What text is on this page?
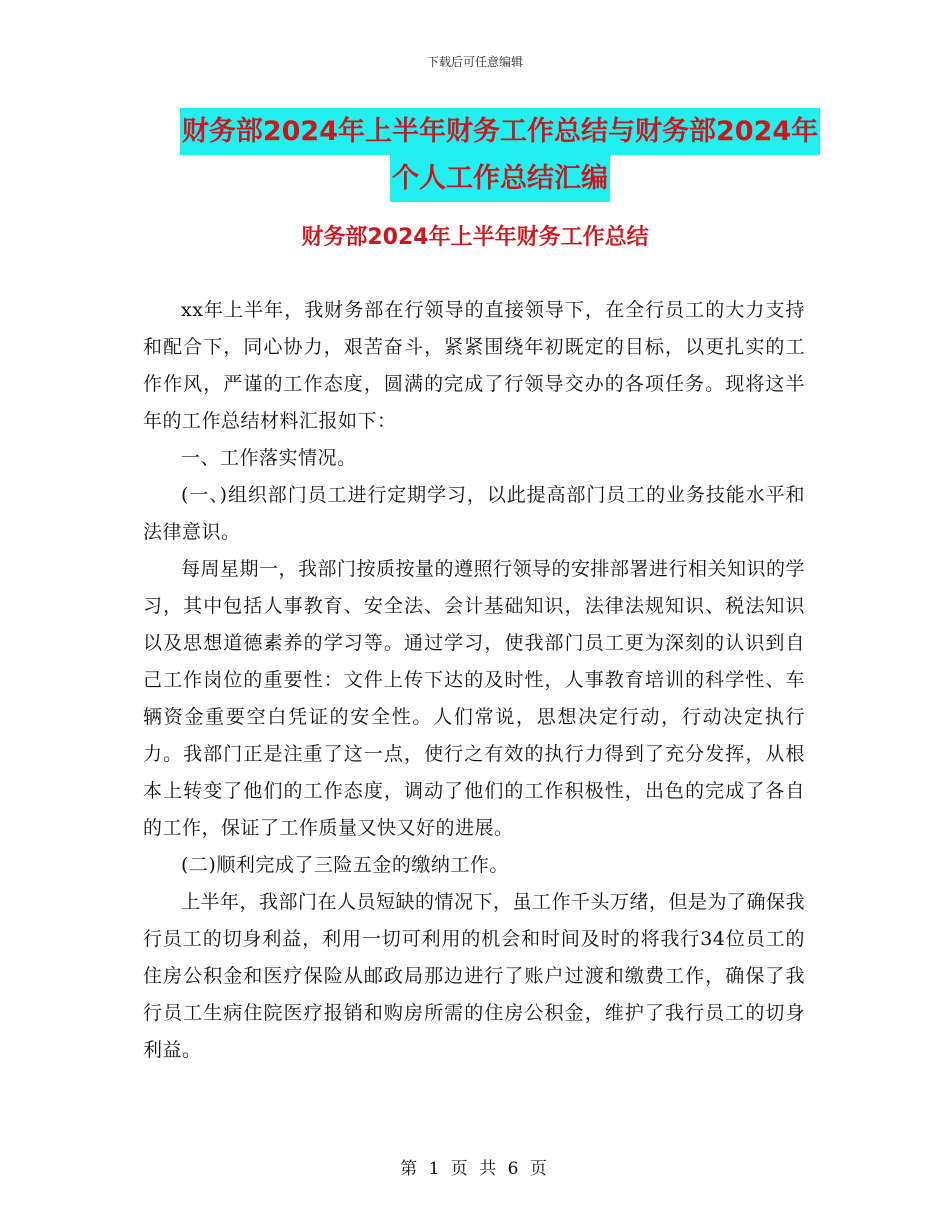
下载后可任意编辑
财务部2024年上半年财务工作总结与财务部2024年
个人工作总结汇编
财务部2024年上半年财务工作总结

xx年上半年，我财务部在行领导的直接领导下，在全行员工的大力支持和配合下，同心协力，艰苦奋斗，紧紧围绕年初既定的目标，以更扎实的工作作风，严谨的工作态度，圆满的完成了行领导交办的各项任务。现将这半年的工作总结材料汇报如下：

一、工作落实情况。

(一、)组织部门员工进行定期学习，以此提高部门员工的业务技能水平和法律意识。

每周星期一，我部门按质按量的遵照行领导的安排部署进行相关知识的学习，其中包括人事教育、安全法、会计基础知识，法律法规知识、税法知识以及思想道德素养的学习等。通过学习，使我部门员工更为深刻的认识到自己工作岗位的重要性：文件上传下达的及时性，人事教育培训的科学性、车辆资金重要空白凭证的安全性。人们常说，思想决定行动，行动决定执行力。我部门正是注重了这一点，使行之有效的执行力得到了充分发挥，从根本上转变了他们的工作态度，调动了他们的工作积极性，出色的完成了各自的工作，保证了工作质量又快又好的进展。

(二)顺利完成了三险五金的缴纳工作。

上半年，我部门在人员短缺的情况下，虽工作千头万绪，但是为了确保我行员工的切身利益，利用一切可利用的机会和时间及时的将我行34位员工的住房公积金和医疗保险从邮政局那边进行了账户过渡和缴费工作，确保了我行员工生病住院医疗报销和购房所需的住房公积金，维护了我行员工的切身利益。

第 1 页 共 6 页
